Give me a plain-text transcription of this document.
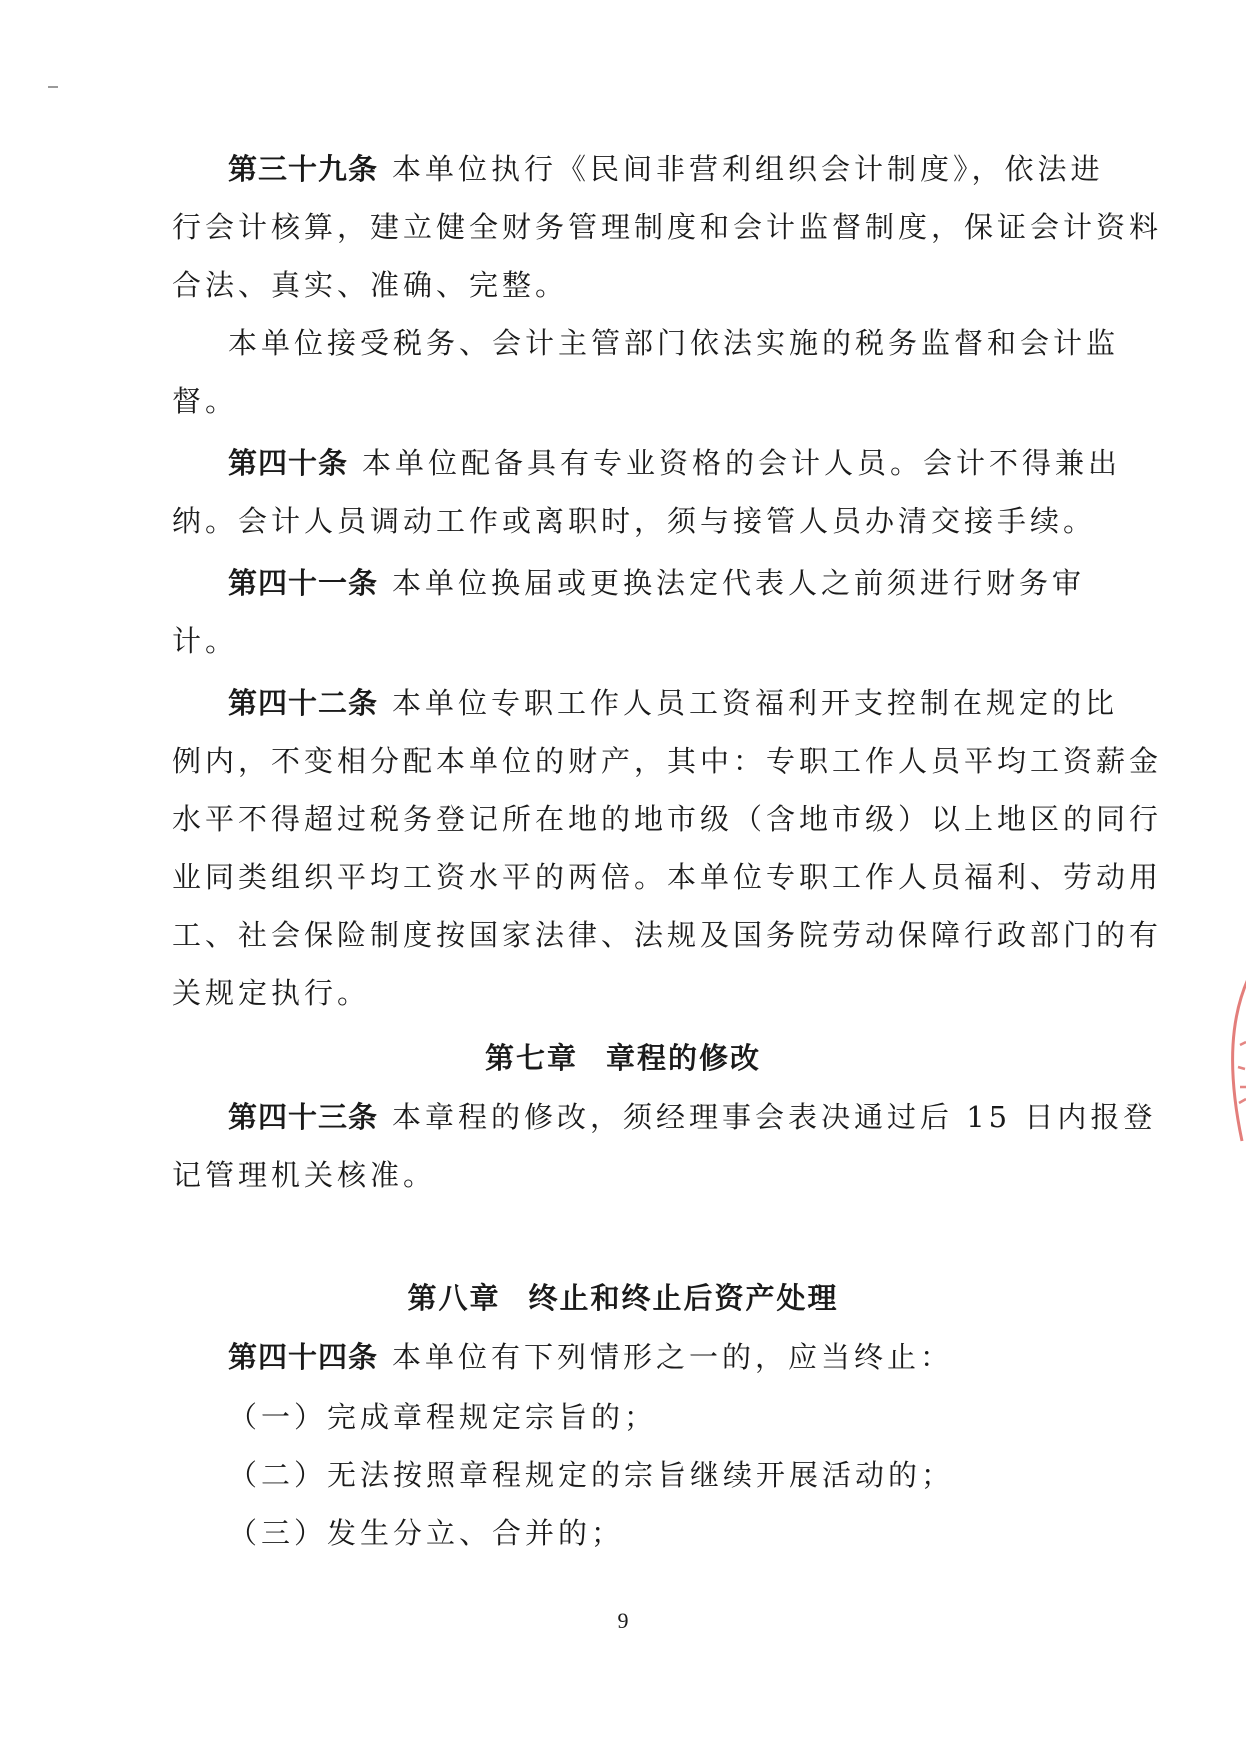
第三十九条 本单位执行《民间非营利组织会计制度》，依法进
行会计核算，建立健全财务管理制度和会计监督制度，保证会计资料
合法、真实、准确、完整。
本单位接受税务、会计主管部门依法实施的税务监督和会计监
督。
第四十条 本单位配备具有专业资格的会计人员。会计不得兼出
纳。会计人员调动工作或离职时，须与接管人员办清交接手续。
第四十一条 本单位换届或更换法定代表人之前须进行财务审
计。
第四十二条 本单位专职工作人员工资福利开支控制在规定的比
例内，不变相分配本单位的财产，其中：专职工作人员平均工资薪金
水平不得超过税务登记所在地的地市级（含地市级）以上地区的同行
业同类组织平均工资水平的两倍。本单位专职工作人员福利、劳动用
工、社会保险制度按国家法律、法规及国务院劳动保障行政部门的有
关规定执行。
第七章 章程的修改
第四十三条 本章程的修改，须经理事会表决通过后 15 日内报登
记管理机关核准。
第八章 终止和终止后资产处理
第四十四条 本单位有下列情形之一的，应当终止：
（一）完成章程规定宗旨的；
（二）无法按照章程规定的宗旨继续开展活动的；
（三）发生分立、合并的；
9
